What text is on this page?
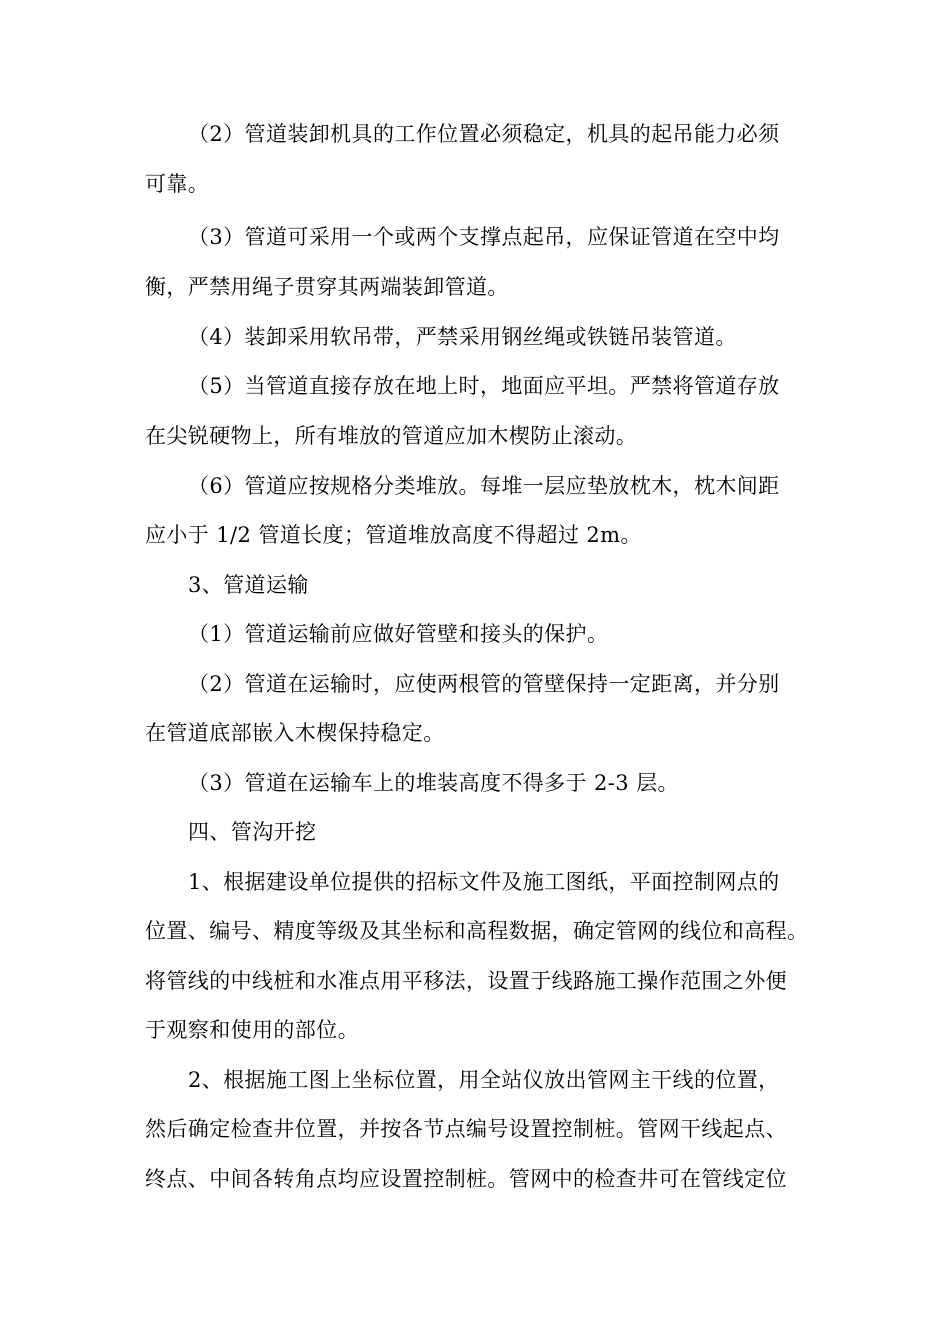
（2）管道装卸机具的工作位置必须稳定，机具的起吊能力必须
可靠。
（3）管道可采用一个或两个支撑点起吊，应保证管道在空中均
衡，严禁用绳子贯穿其两端装卸管道。
（4）装卸采用软吊带，严禁采用钢丝绳或铁链吊装管道。
（5）当管道直接存放在地上时，地面应平坦。严禁将管道存放
在尖锐硬物上，所有堆放的管道应加木楔防止滚动。
（6）管道应按规格分类堆放。每堆一层应垫放枕木，枕木间距
应小于 1/2 管道长度；管道堆放高度不得超过 2m。
3、管道运输
（1）管道运输前应做好管壁和接头的保护。
（2）管道在运输时，应使两根管的管壁保持一定距离，并分别
在管道底部嵌入木楔保持稳定。
（3）管道在运输车上的堆装高度不得多于 2-3 层。
四、管沟开挖
1、根据建设单位提供的招标文件及施工图纸，平面控制网点的
位置、编号、精度等级及其坐标和高程数据，确定管网的线位和高程。
将管线的中线桩和水准点用平移法，设置于线路施工操作范围之外便
于观察和使用的部位。
2、根据施工图上坐标位置，用全站仪放出管网主干线的位置，
然后确定检查井位置，并按各节点编号设置控制桩。管网干线起点、
终点、中间各转角点均应设置控制桩。管网中的检查井可在管线定位
